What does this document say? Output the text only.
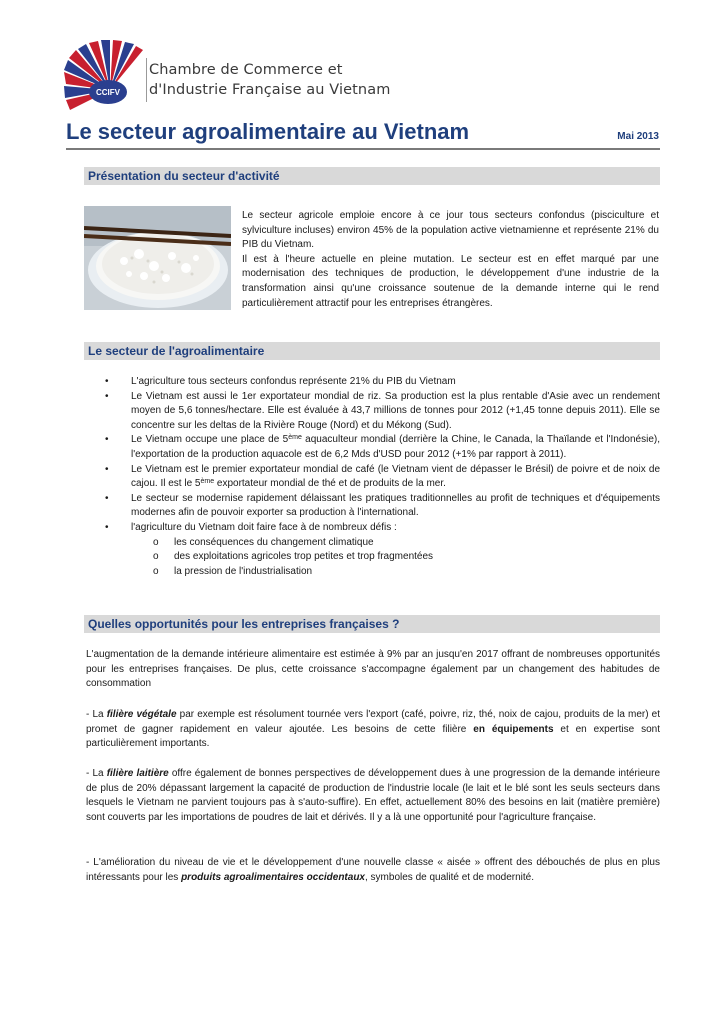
CCIFV
Chambre de Commerce et
d'Industrie Française au Vietnam
Le secteur agroalimentaire au Vietnam	Mai 2013
Présentation du secteur d'activité

Le secteur agricole emploie encore à ce jour tous secteurs confondus (pisciculture et sylviculture incluses) environ 45% de la population active vietnamienne et représente 21% du PIB du Vietnam.

Il est à l'heure actuelle en pleine mutation. Le secteur est en effet marqué par une modernisation des techniques de production, le développement d'une industrie de la transformation ainsi qu'une croissance soutenue de la demande interne qui le rend particulièrement attractif pour les entreprises étrangères.

Le secteur de l'agroalimentaire
• L'agriculture tous secteurs confondus représente 21% du PIB du Vietnam
• Le Vietnam est aussi le 1er exportateur mondial de riz. Sa production est la plus rentable d'Asie avec un rendement moyen de 5,6 tonnes/hectare. Elle est évaluée à 43,7 millions de tonnes pour 2012 (+1,45 tonne depuis 2011). Elle se concentre sur les deltas de la Rivière Rouge (Nord) et du Mékong (Sud).
• Le Vietnam occupe une place de 5ème aquaculteur mondial (derrière la Chine, le Canada, la Thaïlande et l'Indonésie), l'exportation de la production aquacole est de 6,2 Mds d'USD pour 2012 (+1% par rapport à 2011).
• Le Vietnam est le premier exportateur mondial de café (le Vietnam vient de dépasser le Brésil) de poivre et de noix de cajou. Il est le 5ème exportateur mondial de thé et de produits de la mer.
• Le secteur se modernise rapidement délaissant les pratiques traditionnelles au profit de techniques et d'équipements modernes afin de pouvoir exporter sa production à l'international.
• l'agriculture du Vietnam doit faire face à de nombreux défis :
o les conséquences du changement climatique
o des exploitations agricoles trop petites et trop fragmentées
o la pression de l'industrialisation
Quelles opportunités pour les entreprises françaises ?

L'augmentation de la demande intérieure alimentaire est estimée à 9% par an jusqu'en 2017 offrant de nombreuses opportunités pour les entreprises françaises. De plus, cette croissance s'accompagne également par un changement des habitudes de consommation

- La filière végétale par exemple est résolument tournée vers l'export (café, poivre, riz, thé, noix de cajou, produits de la mer) et promet de gagner rapidement en valeur ajoutée. Les besoins de cette filière en équipements et en expertise sont particulièrement importants.

- La filière laitière offre également de bonnes perspectives de développement dues à une progression de la demande intérieure de plus de 20% dépassant largement la capacité de production de l'industrie locale (le lait et le blé sont les seuls secteurs dans lesquels le Vietnam ne parvient toujours pas à s'auto-suffire). En effet, actuellement 80% des besoins en lait (matière première) sont couverts par les importations de poudres de lait et dérivés. Il y a là une opportunité pour l'agriculture française.

- L'amélioration du niveau de vie et le développement d'une nouvelle classe « aisée » offrent des débouchés de plus en plus intéressants pour les produits agroalimentaires occidentaux, symboles de qualité et de modernité.
